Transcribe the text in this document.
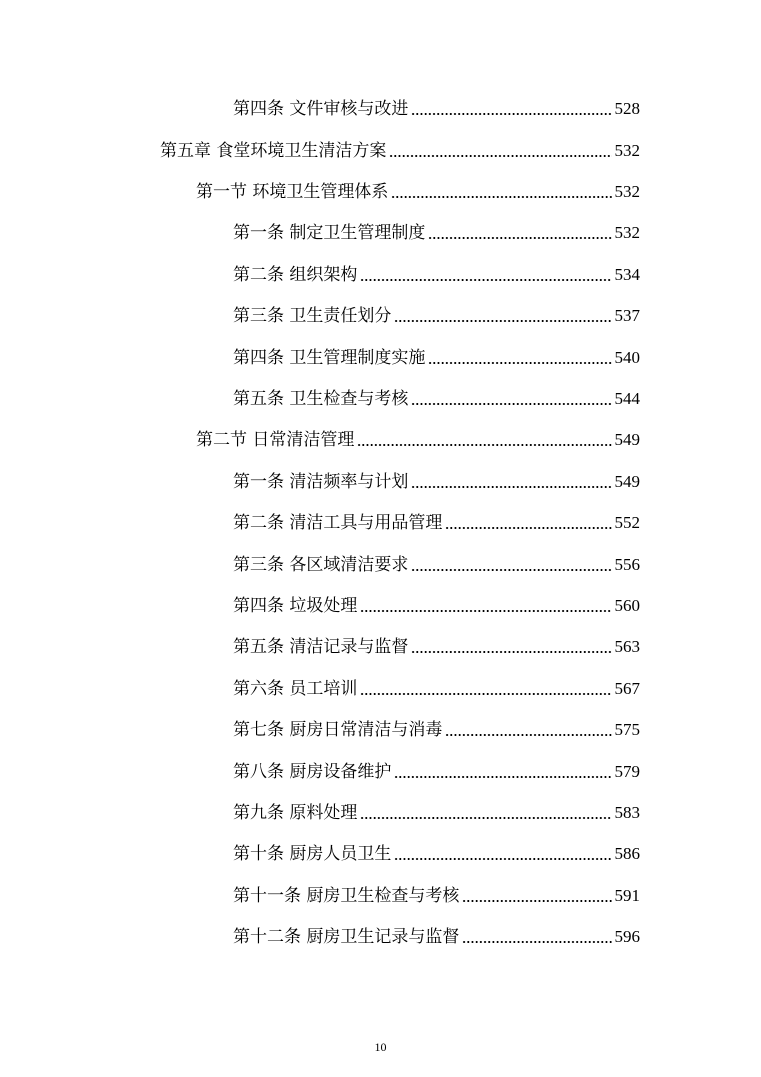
第四条 文件审核与改进	528
第五章 食堂环境卫生清洁方案	532
第一节 环境卫生管理体系	532
第一条 制定卫生管理制度	532
第二条 组织架构	534
第三条 卫生责任划分	537
第四条 卫生管理制度实施	540
第五条 卫生检查与考核	544
第二节 日常清洁管理	549
第一条 清洁频率与计划	549
第二条 清洁工具与用品管理	552
第三条 各区域清洁要求	556
第四条 垃圾处理	560
第五条 清洁记录与监督	563
第六条 员工培训	567
第七条 厨房日常清洁与消毒	575
第八条 厨房设备维护	579
第九条 原料处理	583
第十条 厨房人员卫生	586
第十一条 厨房卫生检查与考核	591
第十二条 厨房卫生记录与监督	596
10
